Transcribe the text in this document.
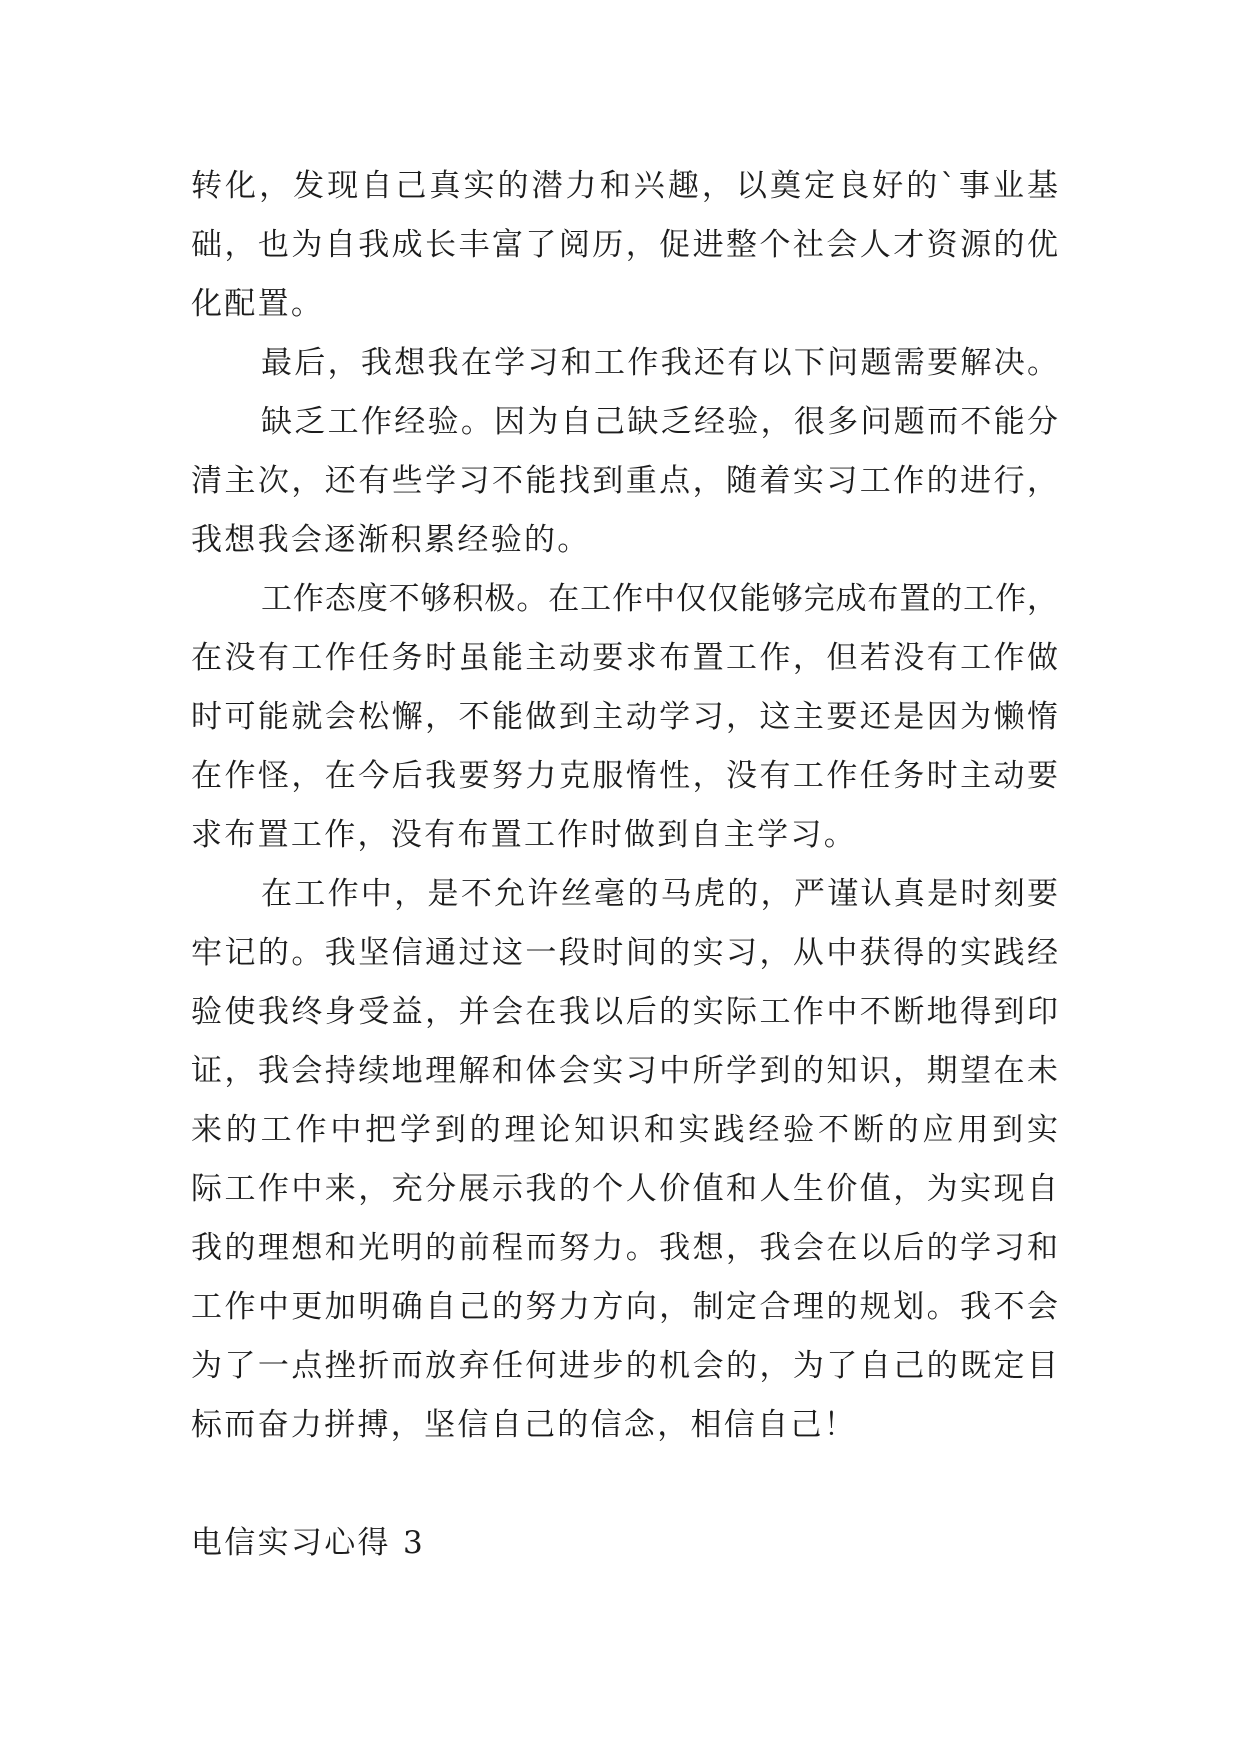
转化，发现自己真实的潜力和兴趣，以奠定良好的`事业基
础，也为自我成长丰富了阅历，促进整个社会人才资源的优
化配置。
最后，我想我在学习和工作我还有以下问题需要解决。
缺乏工作经验。因为自己缺乏经验，很多问题而不能分
清主次，还有些学习不能找到重点，随着实习工作的进行，
我想我会逐渐积累经验的。
工作态度不够积极。在工作中仅仅能够完成布置的工作，
在没有工作任务时虽能主动要求布置工作，但若没有工作做
时可能就会松懈，不能做到主动学习，这主要还是因为懒惰
在作怪，在今后我要努力克服惰性，没有工作任务时主动要
求布置工作，没有布置工作时做到自主学习。
在工作中，是不允许丝毫的马虎的，严谨认真是时刻要
牢记的。我坚信通过这一段时间的实习，从中获得的实践经
验使我终身受益，并会在我以后的实际工作中不断地得到印
证，我会持续地理解和体会实习中所学到的知识，期望在未
来的工作中把学到的理论知识和实践经验不断的应用到实
际工作中来，充分展示我的个人价值和人生价值，为实现自
我的理想和光明的前程而努力。我想，我会在以后的学习和
工作中更加明确自己的努力方向，制定合理的规划。我不会
为了一点挫折而放弃任何进步的机会的，为了自己的既定目
标而奋力拼搏，坚信自己的信念，相信自己！
电信实习心得 3
